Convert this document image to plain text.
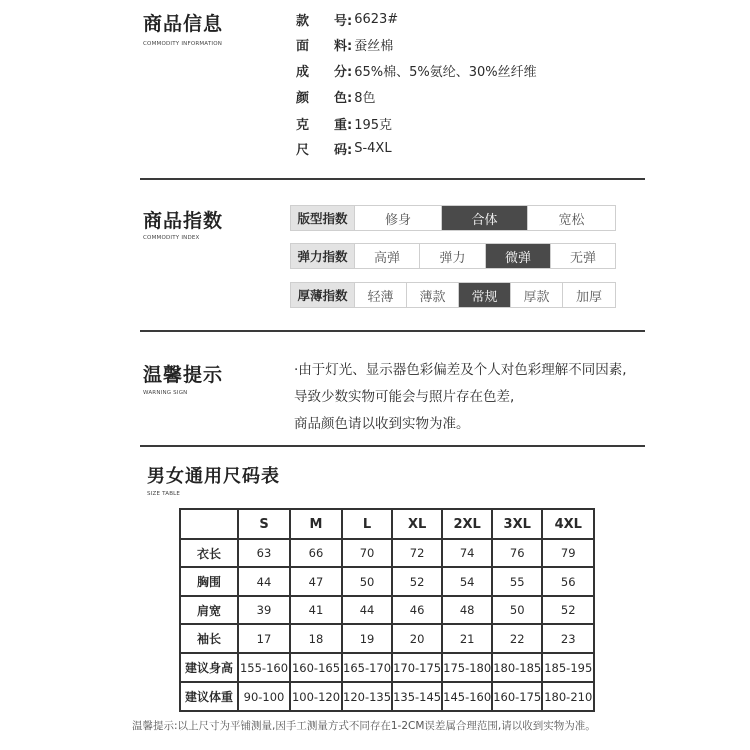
商品信息
COMMODITY INFORMATION
款	号: 6623#
面	料: 蚕丝棉
成	分: 65%棉、5%氨纶、30%丝纤维
颜	色: 8色
克	重: 195克
尺	码: S-4XL
商品指数
COMMODITY INDEX
版型指数	修身	合体	宽松
弹力指数	高弹	弹力	微弹	无弹
厚薄指数	轻薄	薄款	常规	厚款	加厚
温馨提示
WARNING SIGN
·由于灯光、显示器色彩偏差及个人对色彩理解不同因素,
导致少数实物可能会与照片存在色差,
商品颜色请以收到实物为准。
男女通用尺码表
SIZE TABLE
	S	M	L	XL	2XL	3XL	4XL
衣长	63	66	70	72	74	76	79
胸围	44	47	50	52	54	55	56
肩宽	39	41	44	46	48	50	52
袖长	17	18	19	20	21	22	23
建议身高	155-160	160-165	165-170	170-175	175-180	180-185	185-195
建议体重	90-100	100-120	120-135	135-145	145-160	160-175	180-210
温馨提示:以上尺寸为平铺测量,因手工测量方式不同存在1-2CM误差属合理范围,请以收到实物为准。
